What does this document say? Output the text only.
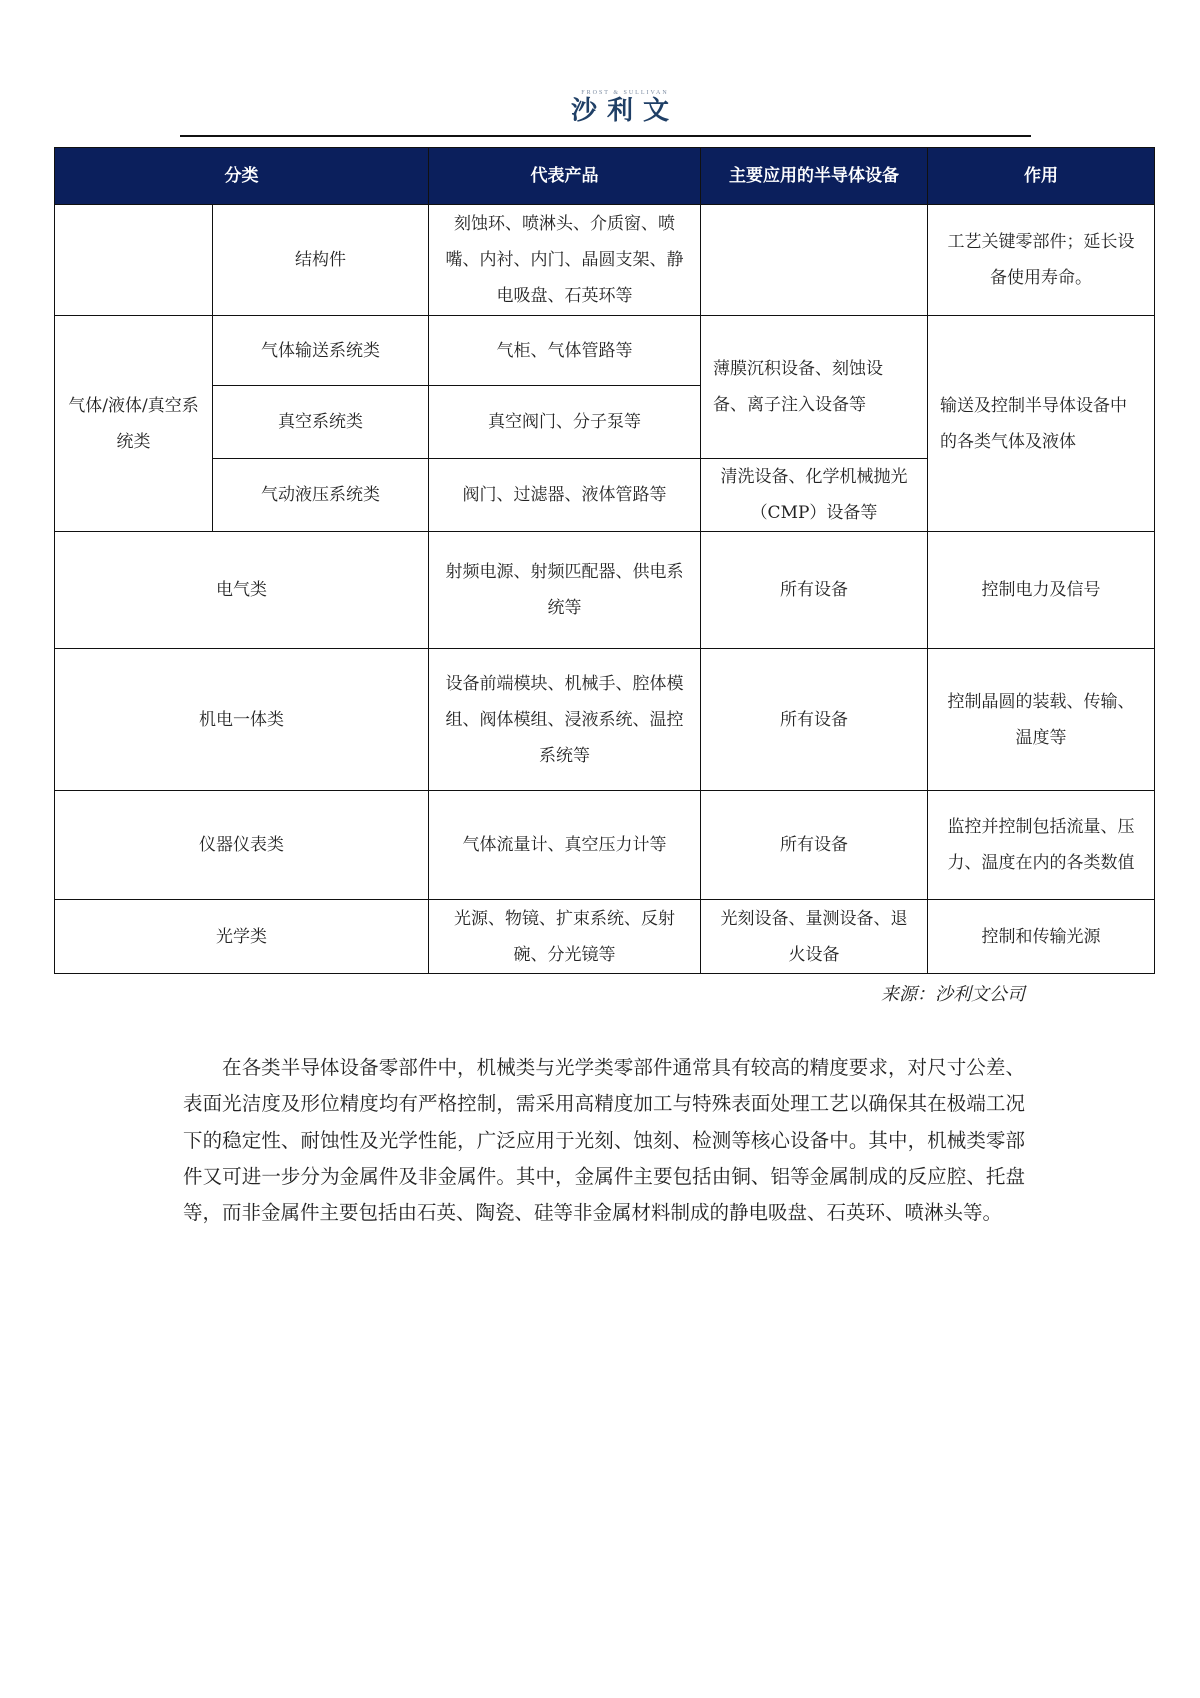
FROST & SULLIVAN
沙利文
分类		代表产品	主要应用的半导体设备	作用
	结构件	刻蚀环、喷淋头、介质窗、喷嘴、内衬、内门、晶圆支架、静电吸盘、石英环等		工艺关键零部件；延长设备使用寿命。
气体/液体/真空系统类	气体输送系统类	气柜、气体管路等	薄膜沉积设备、刻蚀设备、离子注入设备等	输送及控制半导体设备中的各类气体及液体
	真空系统类	真空阀门、分子泵等		
	气动液压系统类	阀门、过滤器、液体管路等	清洗设备、化学机械抛光（CMP）设备等	
电气类		射频电源、射频匹配器、供电系统等	所有设备	控制电力及信号
机电一体类		设备前端模块、机械手、腔体模组、阀体模组、浸液系统、温控系统等	所有设备	控制晶圆的装载、传输、温度等
仪器仪表类		气体流量计、真空压力计等	所有设备	监控并控制包括流量、压力、温度在内的各类数值
光学类		光源、物镜、扩束系统、反射碗、分光镜等	光刻设备、量测设备、退火设备	控制和传输光源
来源：沙利文公司
在各类半导体设备零部件中，机械类与光学类零部件通常具有较高的精度要求，对尺寸公差、表面光洁度及形位精度均有严格控制，需采用高精度加工与特殊表面处理工艺以确保其在极端工况下的稳定性、耐蚀性及光学性能，广泛应用于光刻、蚀刻、检测等核心设备中。其中，机械类零部件又可进一步分为金属件及非金属件。其中，金属件主要包括由铜、铝等金属制成的反应腔、托盘等，而非金属件主要包括由石英、陶瓷、硅等非金属材料制成的静电吸盘、石英环、喷淋头等。
